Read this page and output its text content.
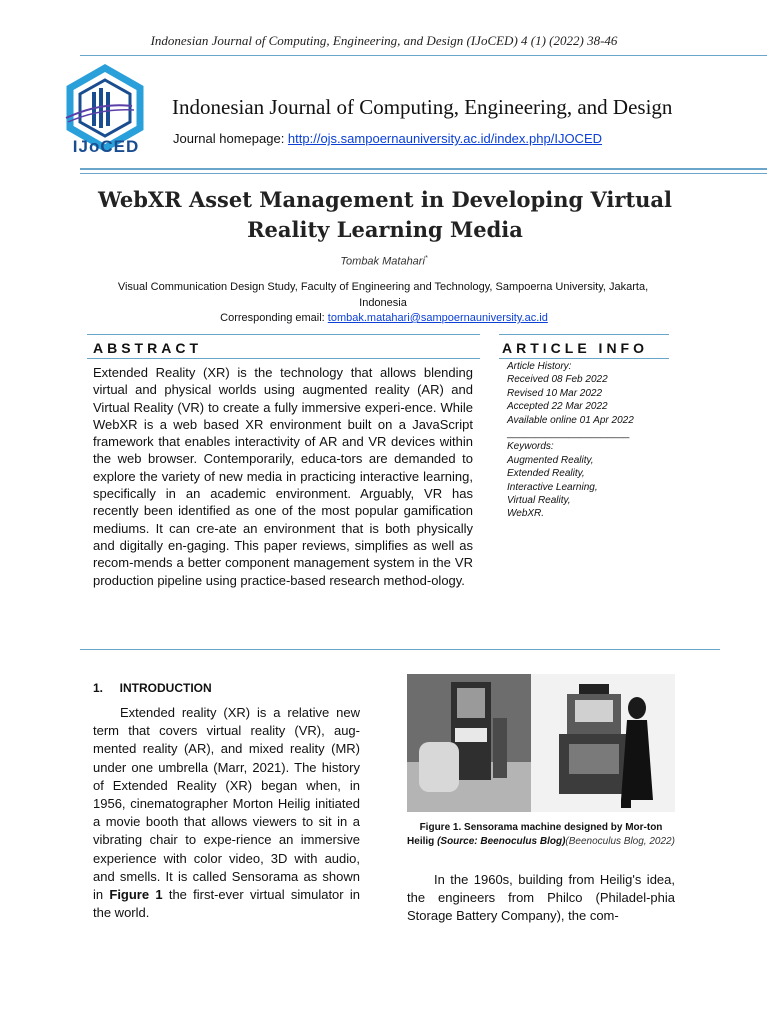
Indonesian Journal of Computing, Engineering, and Design (IJoCED) 4 (1) (2022) 38-46
IJoCED
Indonesian Journal of Computing, Engineering, and Design
Journal homepage: http://ojs.sampoernauniversity.ac.id/index.php/IJOCED
WebXR Asset Management in Developing Virtual Reality Learning Media
Tombak Matahari*
Visual Communication Design Study, Faculty of Engineering and Technology, Sampoerna University, Jakarta, Indonesia
Corresponding email: tombak.matahari@sampoernauniversity.ac.id
ABSTRACT	ARTICLE INFO
Extended Reality (XR) is the technology that allows blending virtual and physical worlds using augmented reality (AR) and Virtual Reality (VR) to create a fully immersive experi-ence. While WebXR is a web based XR environment built on a JavaScript framework that enables interactivity of AR and VR devices within the web browser. Contemporarily, educa-tors are demanded to explore the variety of new media in practicing interactive learning, specifically in an academic environment. Arguably, VR has recently been identified as one of the most popular gamification mediums. It can cre-ate an environment that is both physically and digitally en-gaging. This paper reviews, simplifies as well as recom-mends a better component management system in the VR production pipeline using practice-based research method-ology.
Article History:
Received 08 Feb 2022
Revised 10 Mar 2022
Accepted 22 Mar 2022
Available online 01 Apr 2022
______________________
Keywords:
Augmented Reality,
Extended Reality,
Interactive Learning,
Virtual Reality,
WebXR.
1.     INTRODUCTION
Extended reality (XR) is a relative new term that covers virtual reality (VR), aug-mented reality (AR), and mixed reality (MR) under one umbrella (Marr, 2021). The history of Extended Reality (XR) began when, in 1956, cinematographer Morton Heilig initiated a movie booth that allows viewers to sit in a vibrating chair to expe-rience an immersive experience with color video, 3D with audio, and smells. It is called Sensorama as shown in Figure 1 the first-ever virtual simulator in the world.
Figure 1. Sensorama machine designed by Mor-ton Heilig (Source: Beenoculus Blog)(Beenoculus Blog, 2022)
In the 1960s, building from Heilig's idea, the engineers from Philco (Philadel-phia Storage Battery Company), the com-
